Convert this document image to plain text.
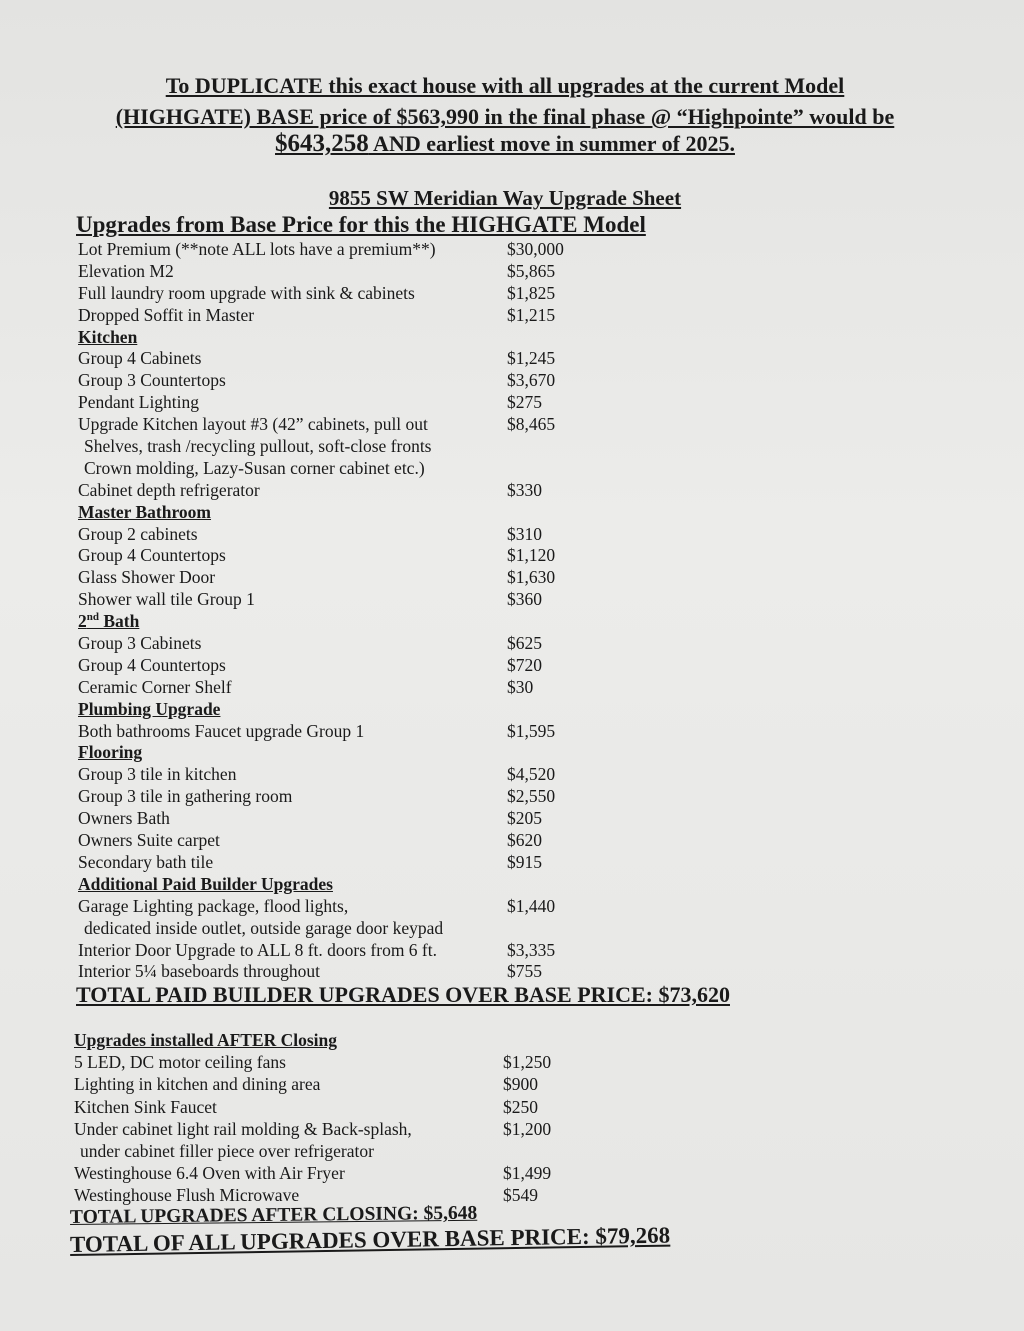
To DUPLICATE this exact house with all upgrades at the current Model

(HIGHGATE) BASE price of $563,990 in the final phase @ “Highpointe” would be

$643,258 AND earliest move in summer of 2025.

9855 SW Meridian Way Upgrade Sheet
Upgrades from Base Price for this the HIGHGATE Model
Lot Premium (**note ALL lots have a premium**)	$30,000
Elevation M2	$5,865
Full laundry room upgrade with sink & cabinets	$1,825
Dropped Soffit in Master	$1,215
Kitchen
Group 4 Cabinets	$1,245
Group 3 Countertops	$3,670
Pendant Lighting	$275
Upgrade Kitchen layout #3 (42” cabinets, pull out	$8,465
Shelves, trash /recycling pullout, soft-close fronts
Crown molding, Lazy-Susan corner cabinet etc.)
Cabinet depth refrigerator	$330
Master Bathroom
Group 2 cabinets	$310
Group 4 Countertops	$1,120
Glass Shower Door	$1,630
Shower wall tile Group 1	$360
2nd Bath
Group 3 Cabinets	$625
Group 4 Countertops	$720
Ceramic Corner Shelf	$30
Plumbing Upgrade
Both bathrooms Faucet upgrade Group 1	$1,595
Flooring
Group 3 tile in kitchen	$4,520
Group 3 tile in gathering room	$2,550
Owners Bath	$205
Owners Suite carpet	$620
Secondary bath tile	$915
Additional Paid Builder Upgrades
Garage Lighting package, flood lights,	$1,440
dedicated inside outlet, outside garage door keypad
Interior Door Upgrade to ALL 8 ft. doors from 6 ft.	$3,335
Interior 5¼ baseboards throughout	$755
TOTAL PAID BUILDER UPGRADES OVER BASE PRICE: $73,620
Upgrades installed AFTER Closing
5 LED, DC motor ceiling fans	$1,250
Lighting in kitchen and dining area	$900
Kitchen Sink Faucet	$250
Under cabinet light rail molding & Back-splash,	$1,200
under cabinet filler piece over refrigerator
Westinghouse 6.4 Oven with Air Fryer	$1,499
Westinghouse Flush Microwave	$549
TOTAL UPGRADES AFTER CLOSING: $5,648
TOTAL OF ALL UPGRADES OVER BASE PRICE: $79,268
